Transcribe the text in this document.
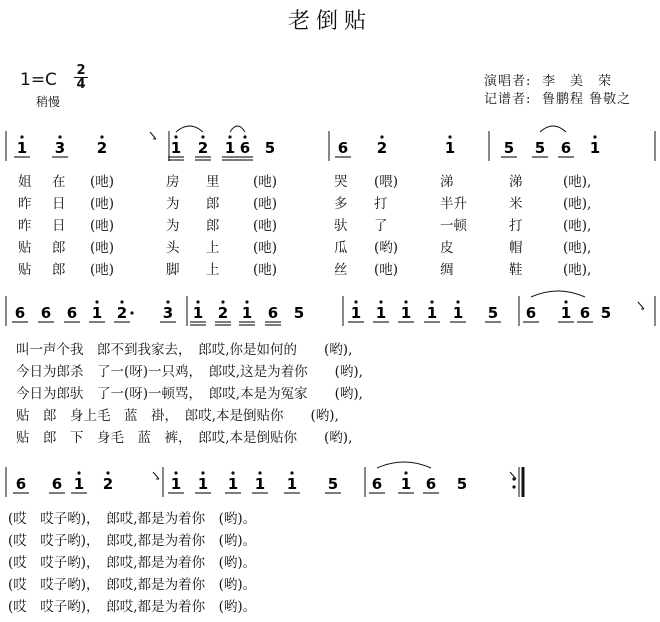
老倒贴
$1=C \frac{2}{4}$
稍慢
演唱者: 李　美　荣
记谱者: 鲁鹏程 鲁敬之
1 3 2	1 2 1 6 5	6 2	1	5 5 6 1
6 6 6 1 2 3 1 2 1 6 5	1 1 1 1 1 5 6 1 6 5
6 6 1 2	1 1 1 1 1 5 6 1 6 5
姐 在 (吔)	房 里 (吔)	哭 (喂)	涕	涕	(吔),
昨 日 (吔)	为 郎 (吔)	多 打	半升	米	(吔),
昨 日 (吔)	为 郎 (吔)	驮 了	一顿	打	(吔),
贴 郎 (吔)	头 上 (吔)	瓜 (哟)	皮	帽	(吔),
贴 郎 (吔)	脚 上 (吔)	丝 (吔)	绸	鞋	(吔),
叫一声个我　郎不到我家去，　郎哎,你是如何的　　(哟),
今日为郎杀　了一(呀)一只鸡，　郎哎,这是为着你　　(哟),
今日为郎驮　了一(呀)一顿骂，　郎哎,本是为冤家　　(哟),
贴　郎　身上毛　蓝　褂，　郎哎,本是倒贴你　　(哟),
贴　郎　下　身毛　蓝　裤，　郎哎,本是倒贴你　　(哟),
(哎　哎子哟)，　郎哎,都是为着你　(哟)。
(哎　哎子哟)，　郎哎,都是为着你　(哟)。
(哎　哎子哟)，　郎哎,都是为着你　(哟)。
(哎　哎子哟)，　郎哎,都是为着你　(哟)。
(哎　哎子哟)，　郎哎,都是为着你　(哟)。
